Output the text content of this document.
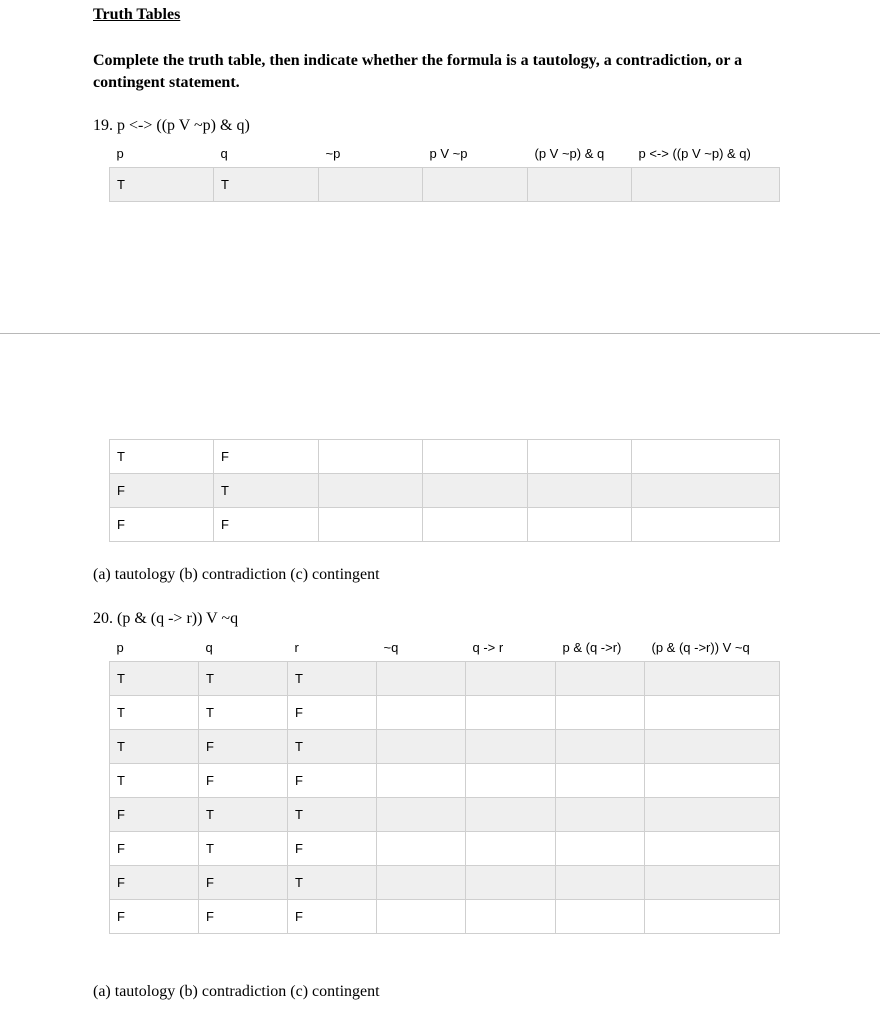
Truth Tables
Complete the truth table, then indicate whether the formula is a tautology, a contradiction, or a contingent statement.
19. p <-> ((p V ~p) & q)
p	q	~p	p V ~p	(p V ~p) & q	p <-> ((p V ~p) & q)
T	T				
T	F				
F	T				
F	F				
(a) tautology (b) contradiction (c) contingent
20. (p & (q -> r)) V ~q
p	q	r	~q	q -> r	p & (q ->r)	(p & (q ->r)) V ~q
T	T	T				
T	T	F				
T	F	T				
T	F	F				
F	T	T				
F	T	F				
F	F	T				
F	F	F				
(a) tautology (b) contradiction (c) contingent
